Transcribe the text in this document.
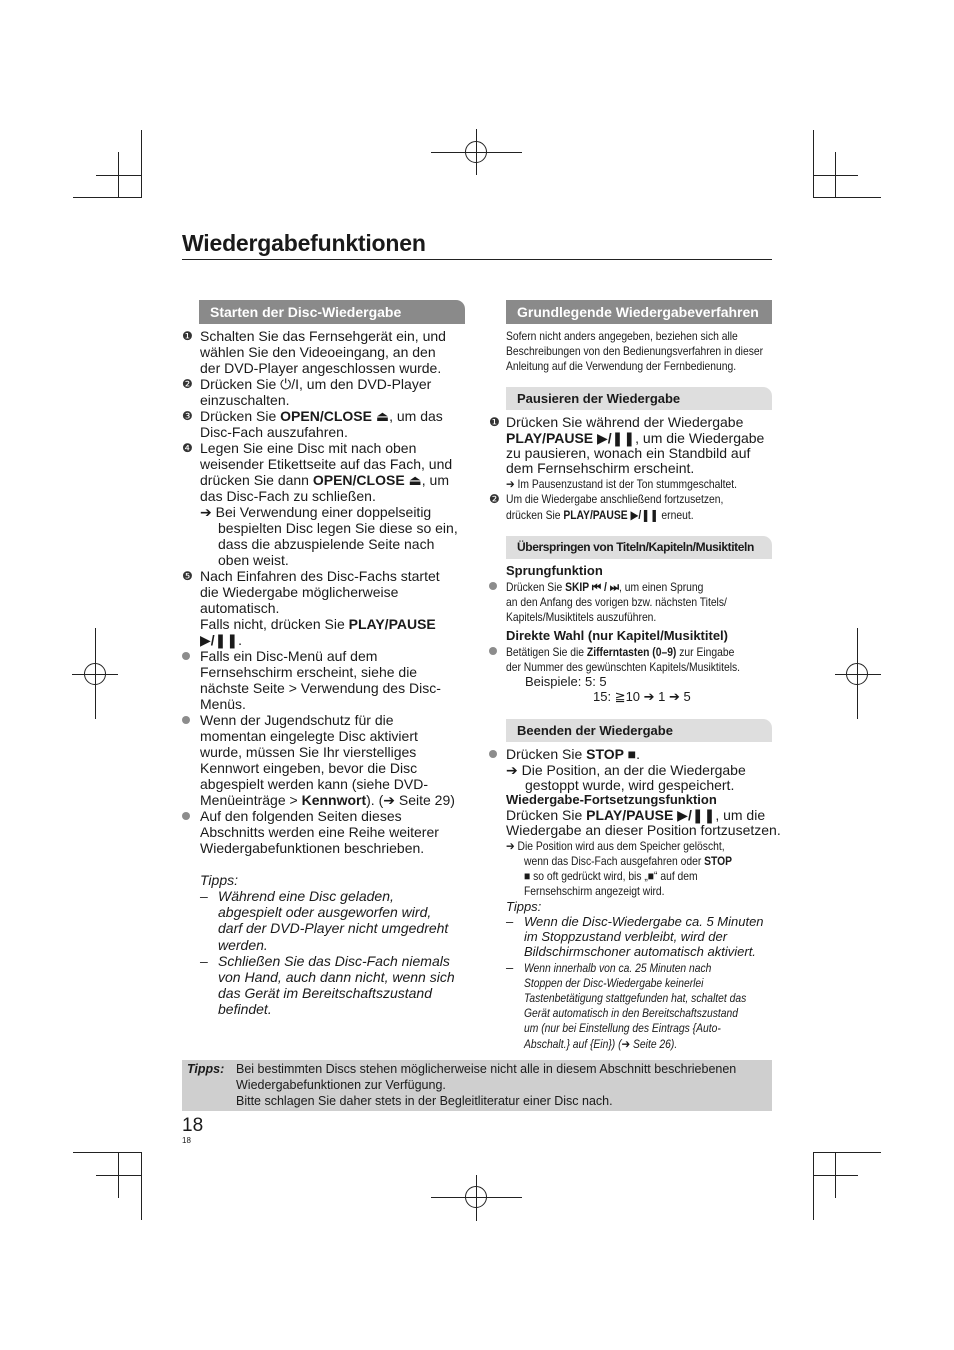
Wiedergabefunktionen
Starten der Disc-Wiedergabe
❶ Schalten Sie das Fernsehgerät ein, und
wählen Sie den Videoeingang, an den
der DVD-Player angeschlossen wurde.
❷ Drücken Sie ⏻/I, um den DVD-Player
einzuschalten.
❸ Drücken Sie OPEN/CLOSE ⏏, um das
Disc-Fach auszufahren.
❹ Legen Sie eine Disc mit nach oben
weisender Etikettseite auf das Fach, und
drücken Sie dann OPEN/CLOSE ⏏, um
das Disc-Fach zu schließen.
➔ Bei Verwendung einer doppelseitig
bespielten Disc legen Sie diese so ein,
dass die abzuspielende Seite nach
oben weist.
❺ Nach Einfahren des Disc-Fachs startet
die Wiedergabe möglicherweise
automatisch.
Falls nicht, drücken Sie PLAY/PAUSE
▶/❚❚.
Falls ein Disc-Menü auf dem
Fernsehschirm erscheint, siehe die
nächste Seite > Verwendung des Disc-
Menüs.
Wenn der Jugendschutz für die
momentan eingelegte Disc aktiviert
wurde, müssen Sie Ihr vierstelliges
Kennwort eingeben, bevor die Disc
abgespielt werden kann (siehe DVD-
Menüeinträge > Kennwort). (➔ Seite 29)
Auf den folgenden Seiten dieses
Abschnitts werden eine Reihe weiterer
Wiedergabefunktionen beschrieben.
Tipps:
– Während eine Disc geladen,
abgespielt oder ausgeworfen wird,
darf der DVD-Player nicht umgedreht
werden.
– Schließen Sie das Disc-Fach niemals
von Hand, auch dann nicht, wenn sich
das Gerät im Bereitschaftszustand
befindet.
Grundlegende Wiedergabeverfahren
Sofern nicht anders angegeben, beziehen sich alle
Beschreibungen von den Bedienungsverfahren in dieser
Anleitung auf die Verwendung der Fernbedienung.
Pausieren der Wiedergabe
❶ Drücken Sie während der Wiedergabe
PLAY/PAUSE ▶/❚❚, um die Wiedergabe
zu pausieren, wonach ein Standbild auf
dem Fernsehschirm erscheint.
➔ Im Pausenzustand ist der Ton stummgeschaltet.
❷ Um die Wiedergabe anschließend fortzusetzen,
drücken Sie PLAY/PAUSE ▶/❚❚ erneut.
Überspringen von Titeln/Kapiteln/Musiktiteln
Sprungfunktion
Drücken Sie SKIP ⏮ / ⏭, um einen Sprung
an den Anfang des vorigen bzw. nächsten Titels/
Kapitels/Musiktitels auszuführen.
Direkte Wahl (nur Kapitel/Musiktitel)
Betätigen Sie die Zifferntasten (0–9) zur Eingabe
der Nummer des gewünschten Kapitels/Musiktitels.
Beispiele: 5: 5
15: ≧10 ➔ 1 ➔ 5
Beenden der Wiedergabe
Drücken Sie STOP ■.
➔ Die Position, an der die Wiedergabe
gestoppt wurde, wird gespeichert.
Wiedergabe-Fortsetzungsfunktion
Drücken Sie PLAY/PAUSE ▶/❚❚, um die
Wiedergabe an dieser Position fortzusetzen.
➔ Die Position wird aus dem Speicher gelöscht,
wenn das Disc-Fach ausgefahren oder STOP
■ so oft gedrückt wird, bis „■“ auf dem
Fernsehschirm angezeigt wird.
Tipps:
– Wenn die Disc-Wiedergabe ca. 5 Minuten
im Stoppzustand verbleibt, wird der
Bildschirmschoner automatisch aktiviert.
– Wenn innerhalb von ca. 25 Minuten nach
Stoppen der Disc-Wiedergabe keinerlei
Tastenbetätigung stattgefunden hat, schaltet das
Gerät automatisch in den Bereitschaftszustand
um (nur bei Einstellung des Eintrags {Auto-
Abschalt.} auf {Ein}) (➔ Seite 26).
Tipps: Bei bestimmten Discs stehen möglicherweise nicht alle in diesem Abschnitt beschriebenen
Wiedergabefunktionen zur Verfügung.
Bitte schlagen Sie daher stets in der Begleitliteratur einer Disc nach.
18
18
